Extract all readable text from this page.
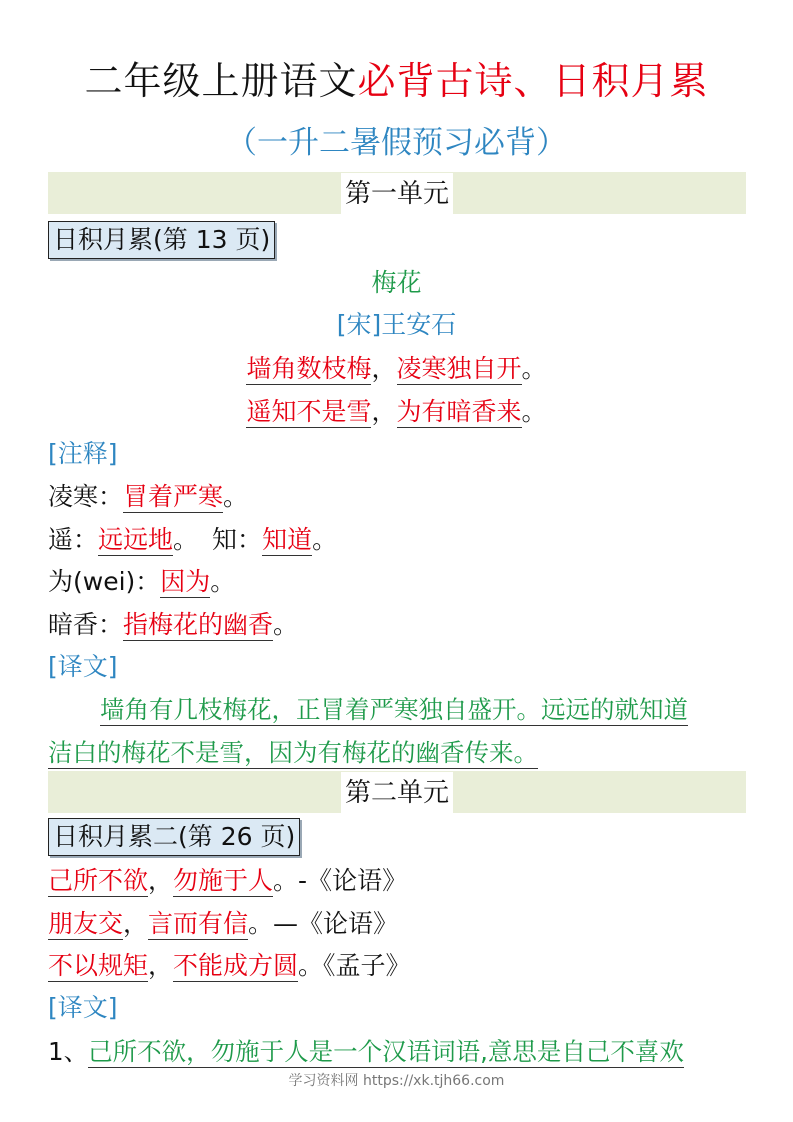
二年级上册语文必背古诗、日积月累
（一升二暑假预习必背）
第一单元
日积月累(第 13 页)
梅花
[宋]王安石
墙角数枝梅，凌寒独自开。
遥知不是雪，为有暗香来。
[注释]
凌寒：冒着严寒。
遥：远远地。 知：知道。
为(wei)：因为。
暗香：指梅花的幽香。
[译文]
墙角有几枝梅花，正冒着严寒独自盛开。远远的就知道
洁白的梅花不是雪，因为有梅花的幽香传来。
第二单元
日积月累二(第 26 页)
己所不欲，勿施于人。-《论语》
朋友交，言而有信。—《论语》
不以规矩，不能成方圆。《孟子》
[译文]
1、己所不欲，勿施于人是一个汉语词语,意思是自己不喜欢
学习资料网 https://xk.tjh66.com
